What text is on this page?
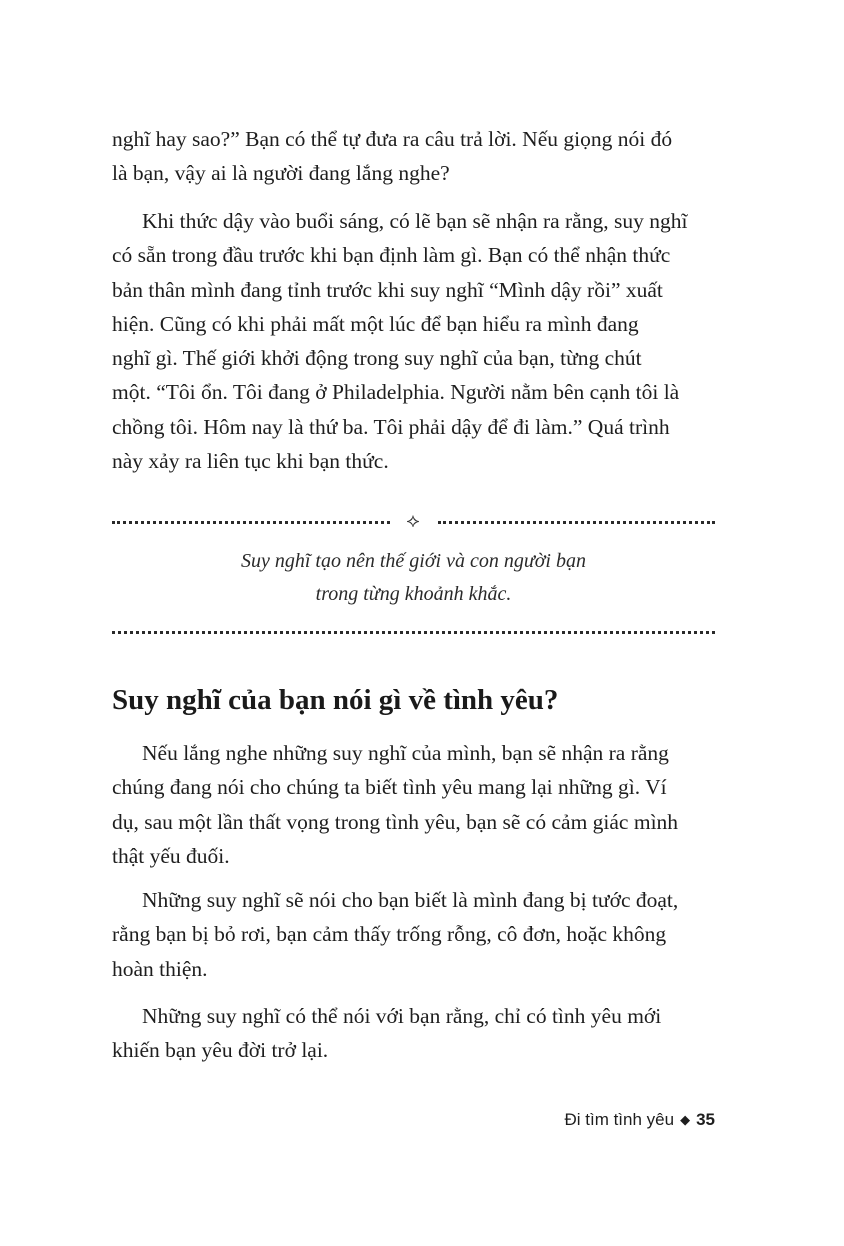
nghĩ hay sao?” Bạn có thể tự đưa ra câu trả lời. Nếu giọng nói đó
là bạn, vậy ai là người đang lắng nghe?

Khi thức dậy vào buổi sáng, có lẽ bạn sẽ nhận ra rằng, suy nghĩ
có sẵn trong đầu trước khi bạn định làm gì. Bạn có thể nhận thức
bản thân mình đang tỉnh trước khi suy nghĩ “Mình dậy rồi” xuất
hiện. Cũng có khi phải mất một lúc để bạn hiểu ra mình đang
nghĩ gì. Thế giới khởi động trong suy nghĩ của bạn, từng chút
một. “Tôi ổn. Tôi đang ở Philadelphia. Người nằm bên cạnh tôi là
chồng tôi. Hôm nay là thứ ba. Tôi phải dậy để đi làm.” Quá trình
này xảy ra liên tục khi bạn thức.

⟡

Suy nghĩ tạo nên thế giới và con người bạn
trong từng khoảnh khắc.

Suy nghĩ của bạn nói gì về tình yêu?

Nếu lắng nghe những suy nghĩ của mình, bạn sẽ nhận ra rằng
chúng đang nói cho chúng ta biết tình yêu mang lại những gì. Ví
dụ, sau một lần thất vọng trong tình yêu, bạn sẽ có cảm giác mình
thật yếu đuối.

Những suy nghĩ sẽ nói cho bạn biết là mình đang bị tước đoạt,
rằng bạn bị bỏ rơi, bạn cảm thấy trống rỗng, cô đơn, hoặc không
hoàn thiện.

Những suy nghĩ có thể nói với bạn rằng, chỉ có tình yêu mới
khiến bạn yêu đời trở lại.

Đi tìm tình yêu ◆ 35
